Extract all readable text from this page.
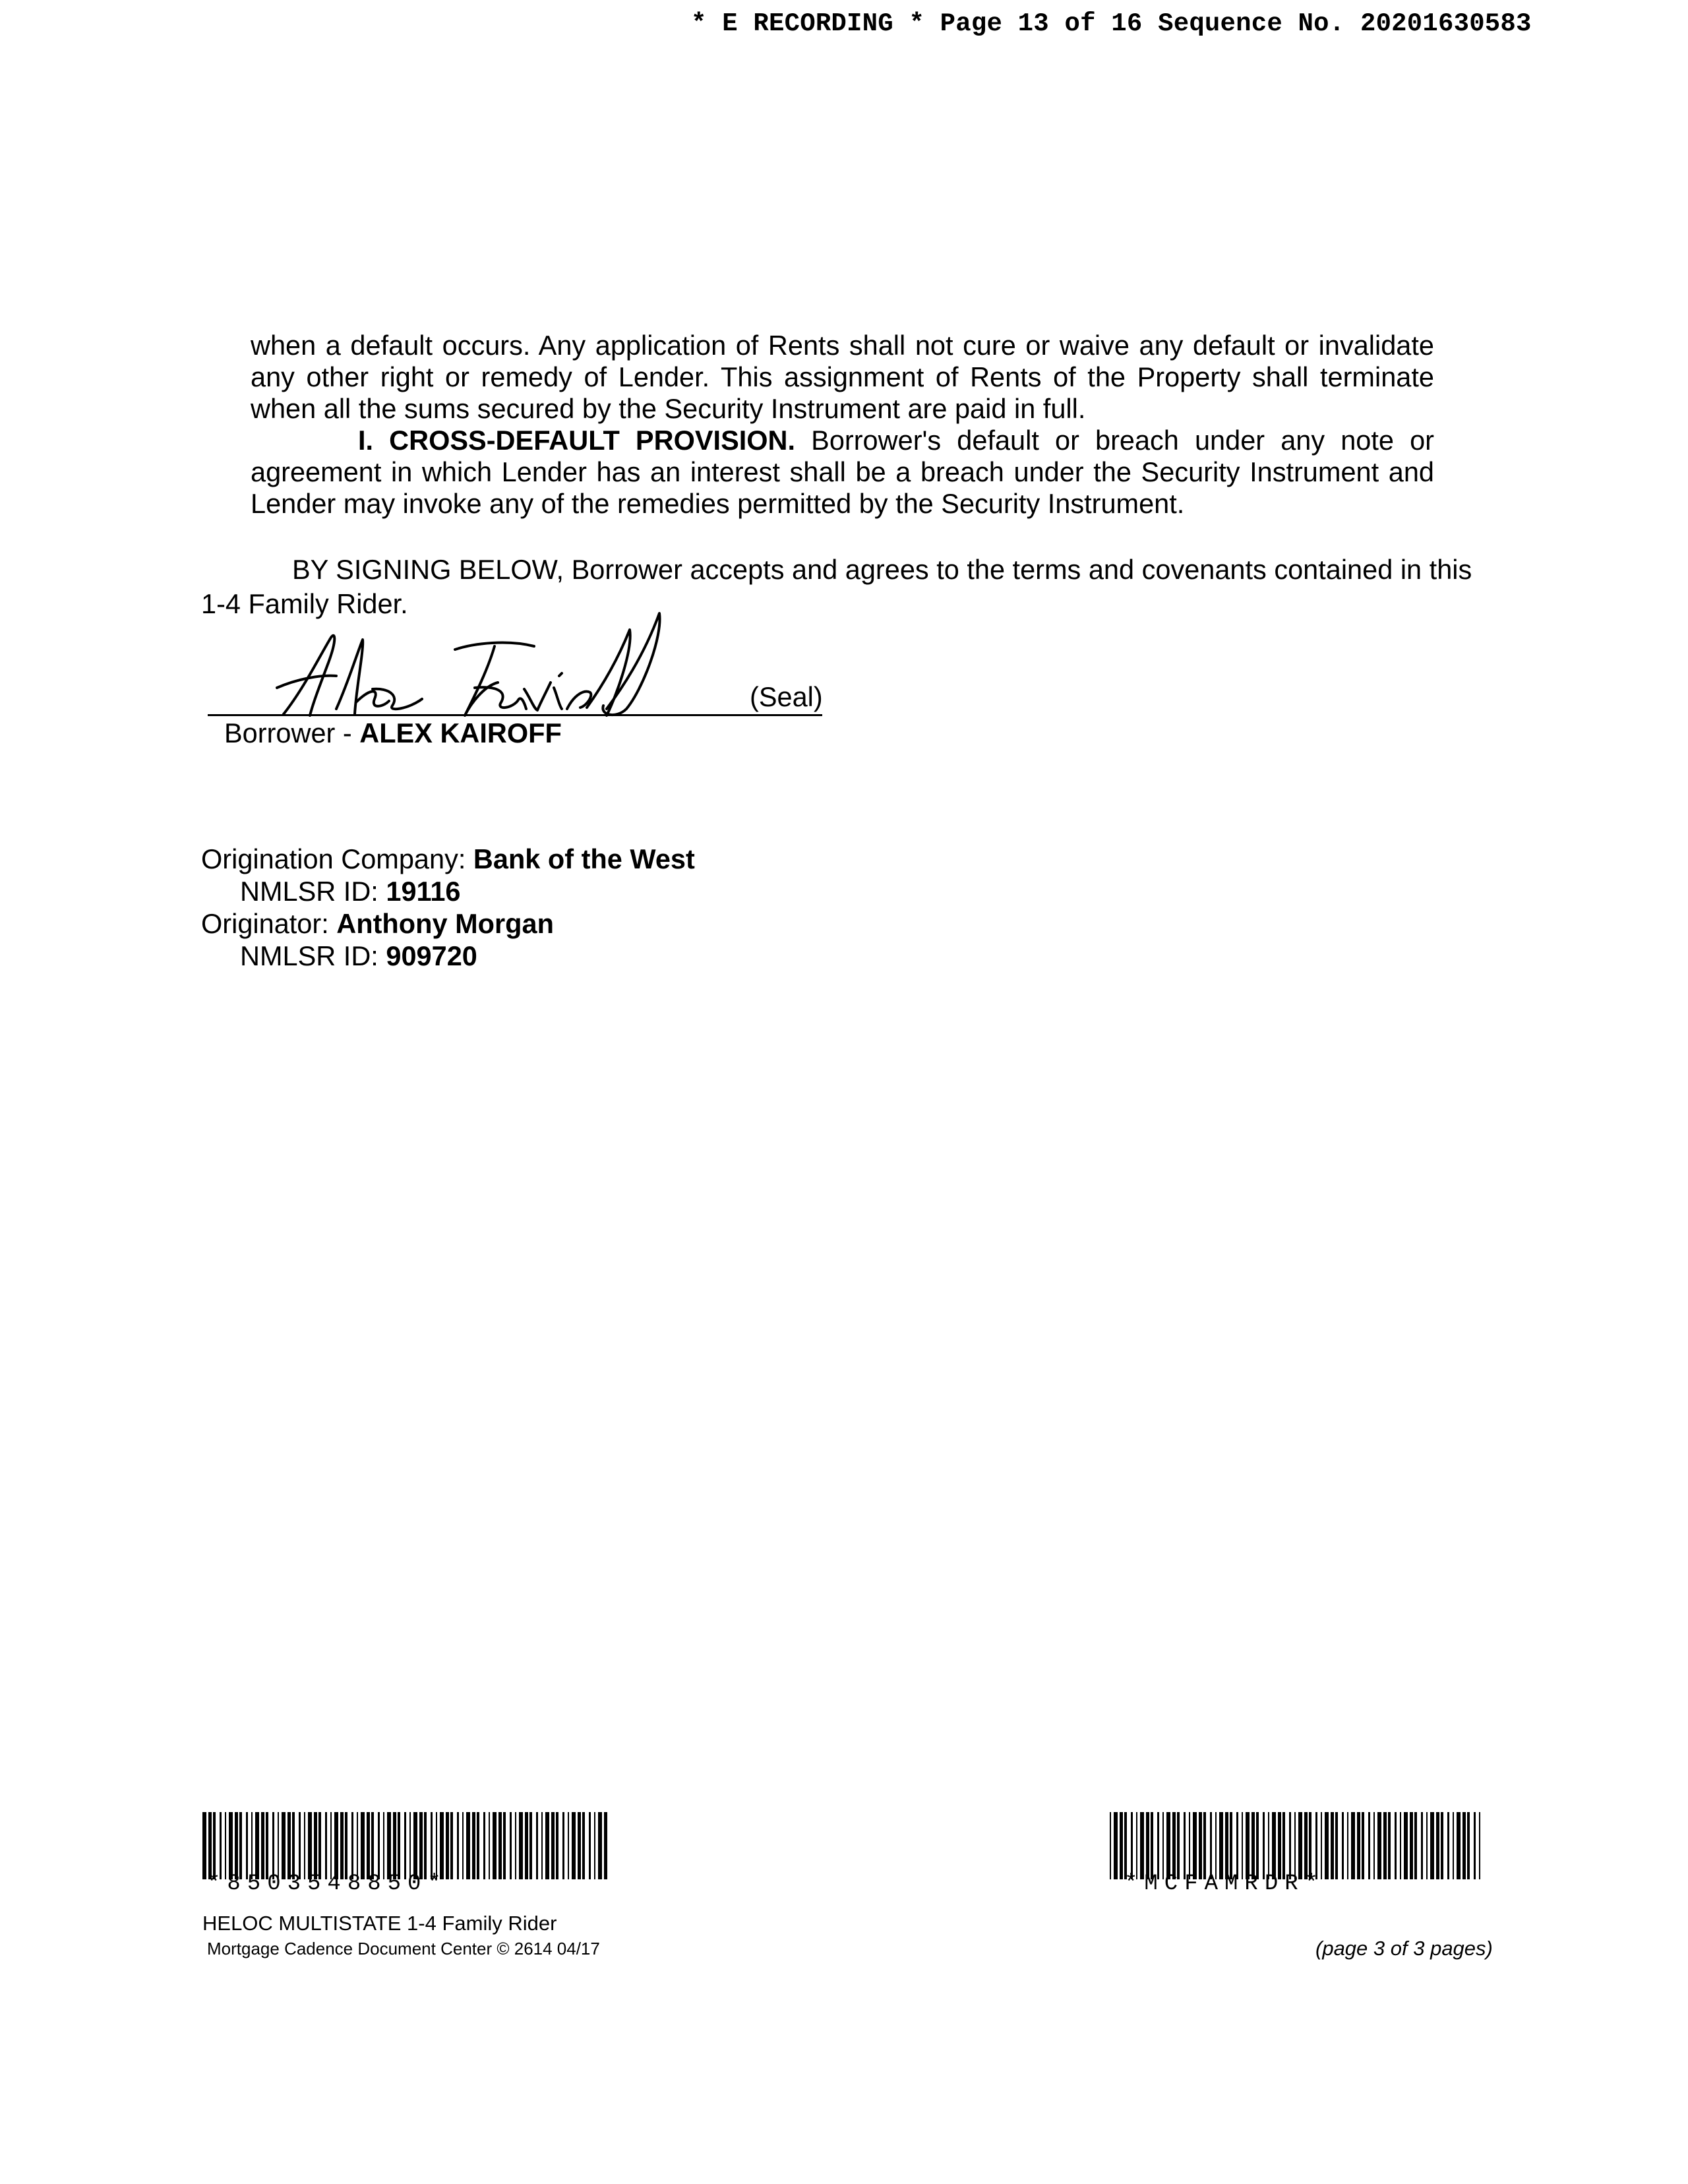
* E RECORDING * Page 13 of 16 Sequence No. 20201630583

when a default occurs. Any application of Rents shall not cure or waive any default or invalidate any other right or remedy of Lender. This assignment of Rents of the Property shall terminate when all the sums secured by the Security Instrument are paid in full.

I. CROSS-DEFAULT PROVISION. Borrower's default or breach under any note or agreement in which Lender has an interest shall be a breach under the Security Instrument and Lender may invoke any of the remedies permitted by the Security Instrument.

BY SIGNING BELOW, Borrower accepts and agrees to the terms and covenants contained in this 1-4 Family Rider.

(Seal)
Borrower - ALEX KAIROFF
Origination Company: Bank of the West
NMLSR ID: 19116
Originator: Anthony Morgan
NMLSR ID: 909720
*8503548850*	*MCFAMRDR*
HELOC MULTISTATE 1-4 Family Rider
Mortgage Cadence Document Center © 2614 04/17	(page 3 of 3 pages)
